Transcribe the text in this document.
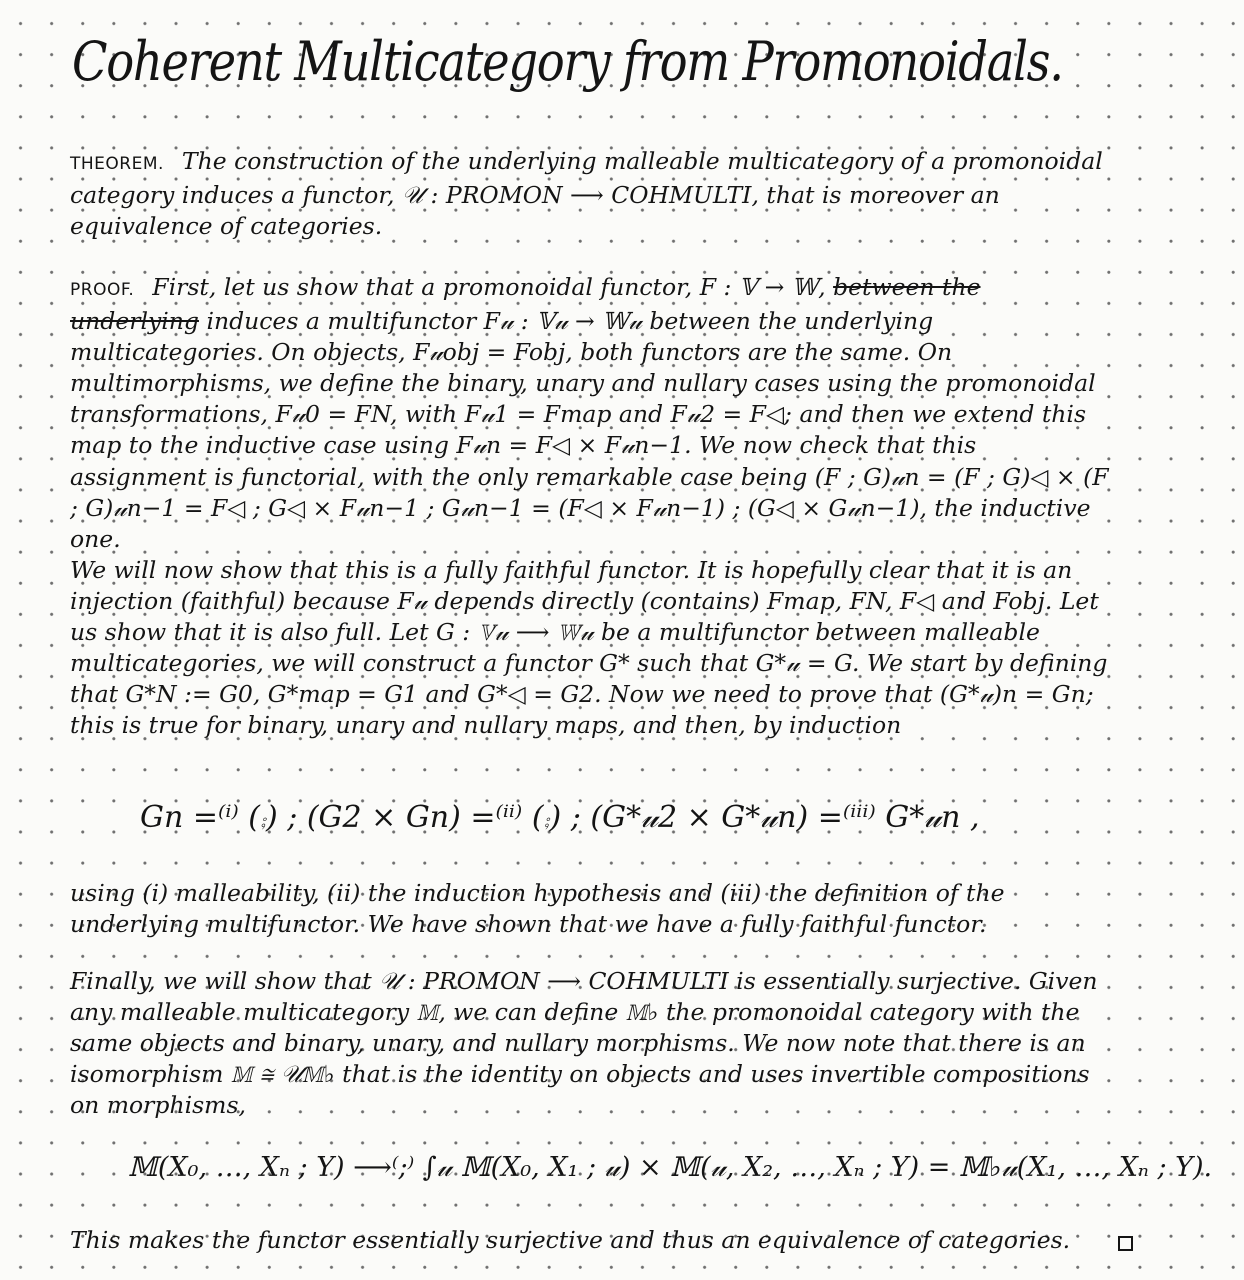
Coherent Multicategory from Promonoidals.

THEOREM. The construction of the underlying malleable multicategory of a promonoidal category induces a functor, 𝒰 : PROMON ⟶ COHMULTI, that is moreover an equivalence of categories.

PROOF. First, let us show that a promonoidal functor, F : 𝕍 → 𝕎, between the underlying induces a multifunctor F𝓊 : 𝕍𝓊 → 𝕎𝓊 between the underlying multicategories. On objects, F𝓊obj = Fobj, both functors are the same. On multimorphisms, we define the binary, unary and nullary cases using the promonoidal transformations, F𝓊0 = FN, with F𝓊1 = Fmap and F𝓊2 = F◁; and then we extend this map to the inductive case using F𝓊n = F◁ × F𝓊n−1. We now check that this assignment is functorial, with the only remarkable case being (F ; G)𝓊n = (F ; G)◁ × (F ; G)𝓊n−1 = F◁ ; G◁ × F𝓊n−1 ; G𝓊n−1 = (F◁ × F𝓊n−1) ; (G◁ × G𝓊n−1), the inductive one.

We will now show that this is a fully faithful functor. It is hopefully clear that it is an injection (faithful) because F𝓊 depends directly (contains) Fmap, FN, F◁ and Fobj. Let us show that it is also full. Let G : 𝕍𝓊 ⟶ 𝕎𝓊 be a multifunctor between malleable multicategories, we will construct a functor G* such that G*𝓊 = G. We start by defining that G*N := G0, G*map = G1 and G*◁ = G2. Now we need to prove that (G*𝓊)n = Gn; this is true for binary, unary and nullary maps, and then, by induction

Gn =⁽ⁱ⁾ (⨾) ; (G2 × Gn) =⁽ⁱⁱ⁾ (⨾) ; (G*𝓊2 × G*𝓊n) =⁽ⁱⁱⁱ⁾ G*𝓊n ,

using (i) malleability, (ii) the induction hypothesis and (iii) the definition of the underlying multifunctor. We have shown that we have a fully faithful functor.

Finally, we will show that 𝒰 : PROMON ⟶ COHMULTI is essentially surjective. Given any malleable multicategory 𝕄, we can define 𝕄♭ the promonoidal category with the same objects and binary, unary, and nullary morphisms. We now note that there is an isomorphism 𝕄 ≅ 𝒰𝕄♭ that is the identity on objects and uses invertible compositions on morphisms,

𝕄(X₀, …, Xₙ ; Y) ⟶⁽;⁾ ∫𝓊 𝕄(X₀, X₁ ; 𝓊) × 𝕄(𝓊, X₂, …, Xₙ ; Y) = 𝕄♭𝓊(X₁, …, Xₙ ; Y).

This makes the functor essentially surjective and thus an equivalence of categories.
